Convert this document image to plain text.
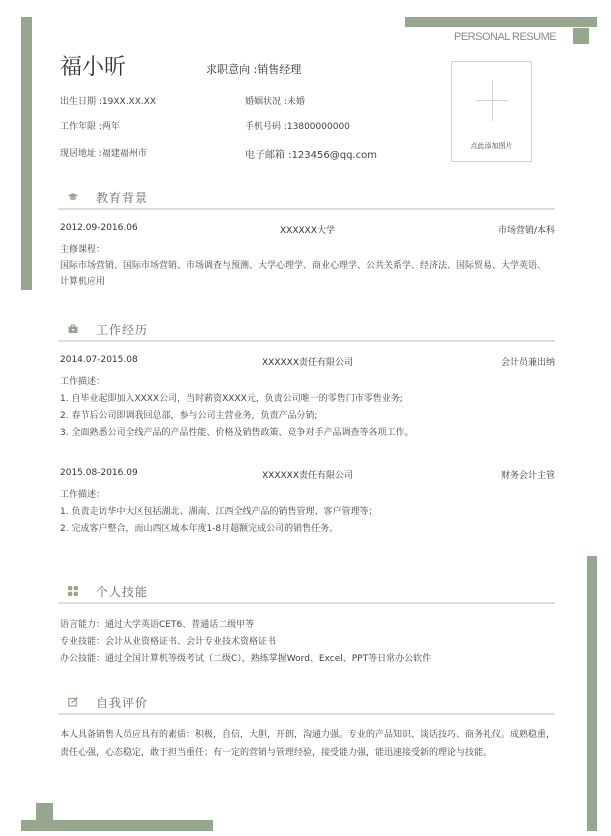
PERSONAL RESUME
福小昕	求职意向 :销售经理
出生日期 :19XX.XX.XX	婚姻状况 :未婚
工作年限 :两年	手机号码 :13800000000
现居地址 :福建福州市	电子邮箱 :123456@qq.com
点此添加图片
教育背景
2012.09-2016.06	XXXXXX大学	市场营销/本科
主修课程：
国际市场营销、国际市场营销、市场调查与预测、大学心理学、商业心理学、公共关系学、经济法、国际贸易、大学英语、计算机应用
工作经历
2014.07-2015.08	XXXXXX责任有限公司	会计员兼出纳
工作描述：
1. 自毕业起即加入XXXX公司，当时薪资XXXX元，负责公司唯一的零售门市零售业务;
2. 春节后公司即调我回总部，参与公司主营业务，负责产品分销;
3. 全面熟悉公司全线产品的产品性能、价格及销售政策、竞争对手产品调查等各项工作。
2015.08-2016.09	XXXXXX责任有限公司	财务会计主管
工作描述：
1. 负责走访华中大区包括湖北、湖南、江西全线产品的销售管理、客户管理等；
2. 完成客户整合，而山西区域本年度1-8月超额完成公司的销售任务。
个人技能
语言能力：通过大学英语CET6、普通话二级甲等
专业技能：会计从业资格证书、会计专业技术资格证书
办公技能：通过全国计算机等级考试（二级C），熟练掌握Word、Excel、PPT等日常办公软件
自我评价
本人具备销售人员应具有的素质：积极，自信，大胆，开朗，沟通力强。专业的产品知识、谈话技巧、商务礼仪。成熟稳重，责任心强，心态稳定，敢于担当重任；有一定的营销与管理经验，接受能力强，能迅速接受新的理论与技能。
